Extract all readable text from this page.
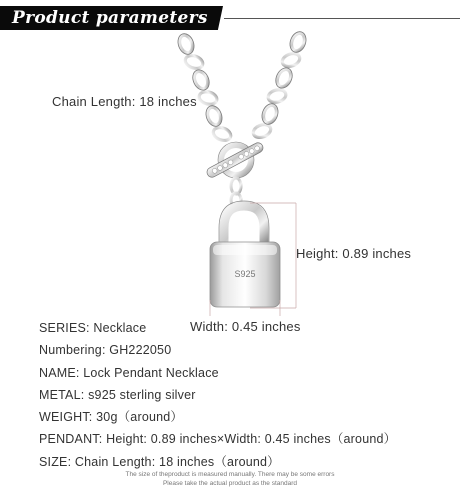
Product parameters
S925
Chain Length: 18 inches
Height: 0.89 inches
Width: 0.45 inches
SERIES: Necklace
Numbering: GH222050
NAME: Lock Pendant Necklace
METAL: s925 sterling silver
WEIGHT: 30g（around）
PENDANT: Height: 0.89 inches×Width: 0.45 inches（around）
SIZE: Chain Length: 18 inches（around）
The size of theproduct is measured manually. There may be some errors
Please take the actual product as the standard
